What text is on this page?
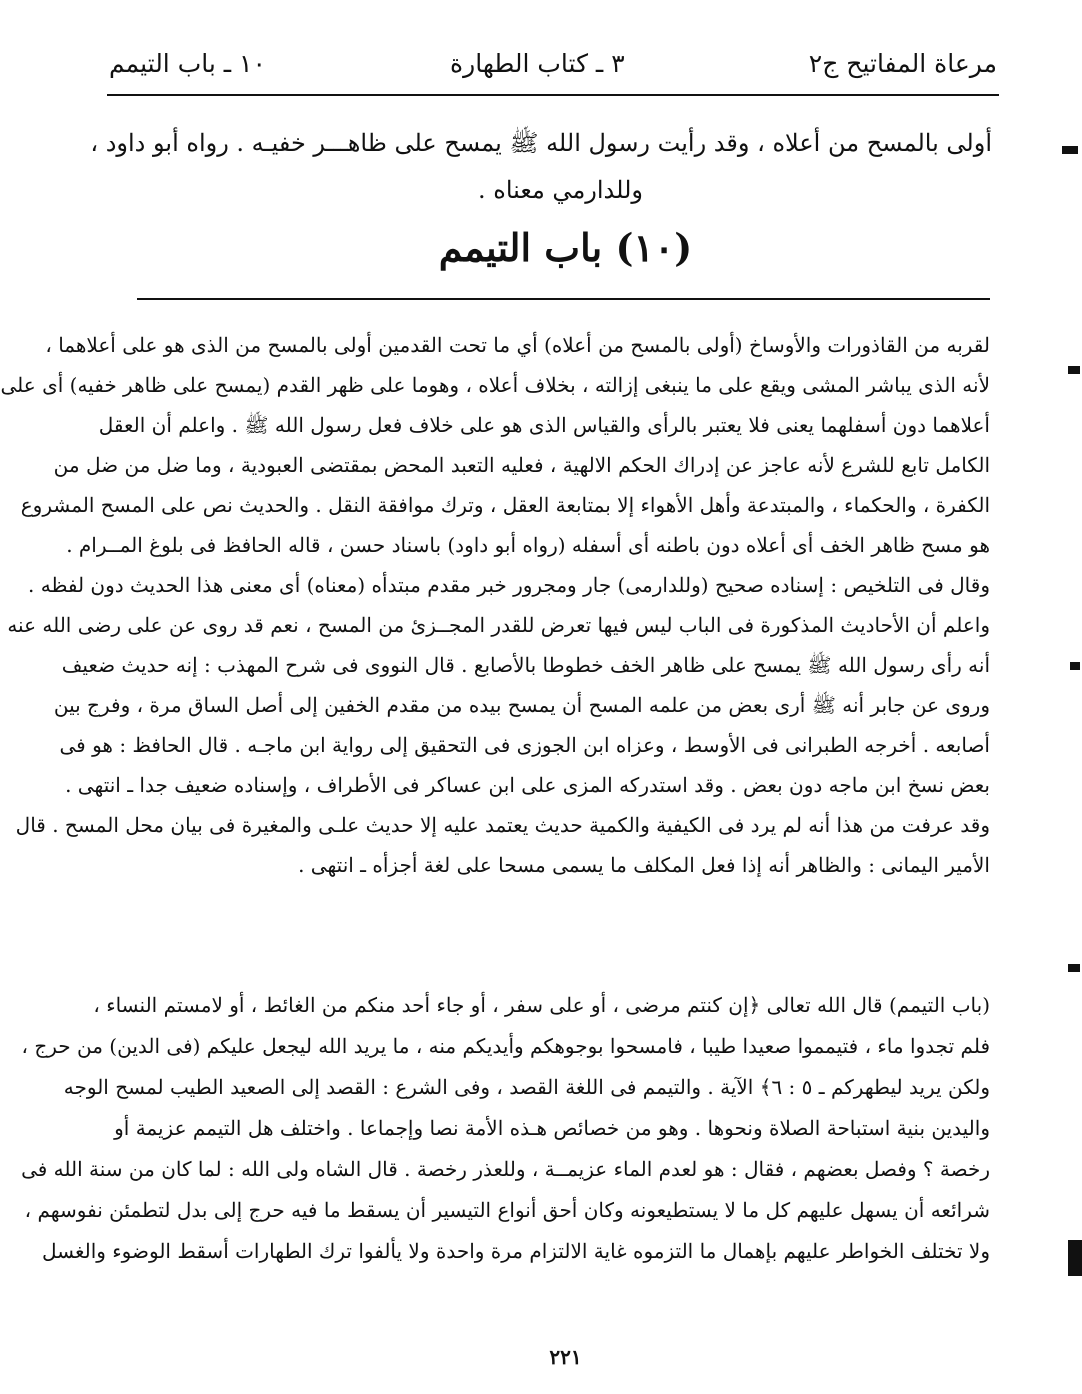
مرعاة المفاتيح ج٢
٣ ـ كتاب الطهارة
١٠ ـ باب التيمم
أولى بالمسح من أعلاه ، وقد رأيت رسول الله ﷺ يمسح على ظاهـــر خفيـه . رواه أبو داود ،
وللدارمي معناه .
(١٠) باب التيمم
لقربه من القاذورات والأوساخ (أولى بالمسح من أعلاه) أي ما تحت القدمين أولى بالمسح من الذى هو على أعلاهما ،
لأنه الذى يباشر المشى ويقع على ما ينبغى إزالته ، بخلاف أعلاه ، وهوما على ظهر القدم (يمسح على ظاهر خفيه) أى على
أعلاهما دون أسفلهما يعنى فلا يعتبر بالرأى والقياس الذى هو على خلاف فعل رسول الله ﷺ . واعلم أن العقل
الكامل تابع للشرع لأنه عاجز عن إدراك الحكم الالهية ، فعليه التعبد المحض بمقتضى العبودية ، وما ضل من ضل من
الكفرة ، والحكماء ، والمبتدعة وأهل الأهواء إلا بمتابعة العقل ، وترك موافقة النقل . والحديث نص على المسح المشروع
هو مسح ظاهر الخف أى أعلاه دون باطنه أى أسفله (رواه أبو داود) باسناد حسن ، قاله الحافظ فى بلوغ المــرام .
وقال فى التلخيص : إسناده صحيح (وللدارمى) جار ومجرور خبر مقدم مبتدأه (معناه) أى معنى هذا الحديث دون لفظه .
واعلم أن الأحاديث المذكورة فى الباب ليس فيها تعرض للقدر المجــزئ من المسح ، نعم قد روى عن على رضى الله عنه
أنه رأى رسول الله ﷺ يمسح على ظاهر الخف خطوطا بالأصابع . قال النووى فى شرح المهذب : إنه حديث ضعيف
وروى عن جابر أنه ﷺ أرى بعض من علمه المسح أن يمسح بيده من مقدم الخفين إلى أصل الساق مرة ، وفرج بين
أصابعه . أخرجه الطبرانى فى الأوسط ، وعزاه ابن الجوزى فى التحقيق إلى رواية ابن ماجـه . قال الحافظ : هو فى
بعض نسخ ابن ماجه دون بعض . وقد استدركه المزى على ابن عساكر فى الأطراف ، وإسناده ضعيف جدا ـ انتهى .
وقد عرفت من هذا أنه لم يرد فى الكيفية والكمية حديث يعتمد عليه إلا حديث علـى والمغيرة فى بيان محل المسح . قال
الأمير اليمانى : والظاهر أنه إذا فعل المكلف ما يسمى مسحا على لغة أجزأه ـ انتهى .
(باب التيمم) قال الله تعالى ﴿إن كنتم مرضى ، أو على سفر ، أو جاء أحد منكم من الغائط ، أو لامستم النساء ،
فلم تجدوا ماء ، فتيمموا صعيدا طيبا ، فامسحوا بوجوهكم وأيديكم منه ، ما يريد الله ليجعل عليكم (فى الدين) من حرج ،
ولكن يريد ليطهركم ـ ٥ : ٦﴾ الآية . والتيمم فى اللغة القصد ، وفى الشرع : القصد إلى الصعيد الطيب لمسح الوجه
واليدين بنية استباحة الصلاة ونحوها . وهو من خصائص هـذه الأمة نصا وإجماعا . واختلف هل التيمم عزيمة أو
رخصة ؟ وفصل بعضهم ، فقال : هو لعدم الماء عزيمــة ، وللعذر رخصة . قال الشاه ولى الله : لما كان من سنة الله فى
شرائعه أن يسهل عليهم كل ما لا يستطيعونه وكان أحق أنواع التيسير أن يسقط ما فيه حرج إلى بدل لتطمئن نفوسهم ،
ولا تختلف الخواطر عليهم بإهمال ما التزموه غاية الالتزام مرة واحدة ولا يألفوا ترك الطهارات أسقط الوضوء والغسل
٢٢١
